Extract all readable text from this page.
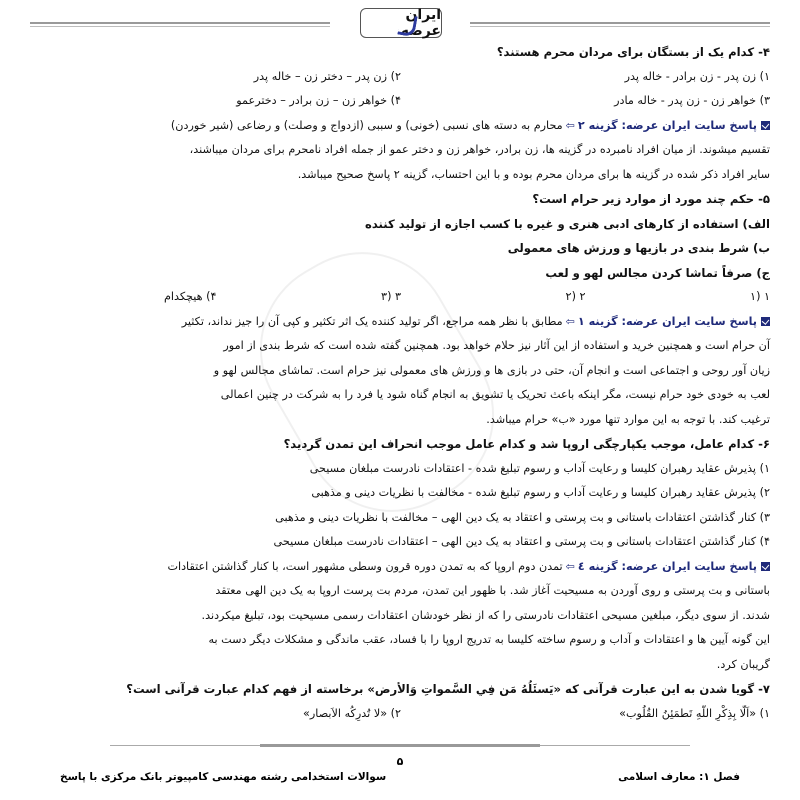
ایران عرضه
۴- کدام یک از بستگان برای مردان محرم هستند؟
۱) زن پدر - زن برادر - خاله پدر
۲) زن پدر – دختر زن – خاله پدر
۳) خواهر زن - زن پدر - خاله مادر
۴) خواهر زن – زن برادر – دخترعمو
پاسخ سایت ایران عرضه: گزینه ۲⇦محارم به دسته های نسبی (خونی) و سببی (ازدواج و وصلت) و رضاعی (شیر خوردن)
تقسیم میشوند. از میان افراد نامبرده در گزینه ها، زن برادر، خواهر زن و دختر عمو از جمله افراد نامحرم برای مردان میباشند،
سایر افراد ذکر شده در گزینه ها برای مردان محرم بوده و با این احتساب، گزینه ۲ پاسخ صحیح میباشد.
۵- حکم چند مورد از موارد زیر حرام است؟
الف) استفاده از کارهای ادبی هنری و غیره با کسب اجازه از تولید کننده
ب) شرط بندی در بازیها و ورزش های معمولی
ج) صرفاً تماشا کردن مجالس لهو و لعب
۱ (۱
۲ (۲
۳ (۳
۴) هیچکدام
پاسخ سایت ایران عرضه: گزینه ۱⇦مطابق با نظر همه مراجع، اگر تولید کننده یک اثر تکثیر و کپی آن را جیز نداند، تکثیر
آن حرام است و همچنین خرید و استفاده از این آثار نیز حلام خواهد بود. همچنین گفته شده است که شرط بندی از امور
زیان آور روحی و اجتماعی است و انجام آن، حتی در بازی ها و ورزش های معمولی نیز حرام است. تماشای مجالس لهو و
لعب به خودی خود حرام نیست، مگر اینکه باعث تحریک یا تشویق به انجام گناه شود یا فرد را به شرکت در چنین اعمالی
ترغیب کند. با توجه به این موارد تنها مورد «ب» حرام میباشد.
۶- کدام عامل، موجب یکپارچگی اروپا شد و کدام عامل موجب انحراف این تمدن گردید؟
۱) پذیرش عقاید رهبران کلیسا و رعایت آداب و رسوم تبلیغ شده - اعتقادات نادرست مبلغان مسیحی
۲) پذیرش عقاید رهبران کلیسا و رعایت آداب و رسوم تبلیغ شده - مخالفت با نظریات دینی و مذهبی
۳) کنار گذاشتن اعتقادات باستانی و بت پرستی و اعتقاد به یک دین الهی – مخالفت با نظریات دینی و مذهبی
۴) کنار گذاشتن اعتقادات باستانی و بت پرستی و اعتقاد به یک دین الهی – اعتقادات نادرست مبلغان مسیحی
پاسخ سایت ایران عرضه: گزینه ٤⇦تمدن دوم اروپا که به تمدن دوره قرون وسطی مشهور است، با کنار گذاشتن اعتقادات
باستانی و بت پرستی و روی آوردن به مسیحیت آغاز شد. با ظهور این تمدن، مردم بت پرست اروپا به یک دین الهی معتقد
شدند. از سوی دیگر، مبلغین مسیحی اعتقادات نادرستی را که از نظر خودشان اعتقادات رسمی مسیحیت بود، تبلیغ میکردند.
این گونه آیین ها و اعتقادات و آداب و رسوم ساخته کلیسا به تدریج اروپا را با فساد، عقب ماندگی و مشکلات دیگر دست به
گریبان کرد.
۷- گویا شدن به این عبارت قرآنی که «يَسئَلُهُ مَن فِي السَّمواتِ وَالأرض» برخاسته از فهم کدام عبارت قرآنی است؟
۱) «اَلّا بِذِكْرِ اللّهِ تَطمَئِنُ القُلُوب»
۲) «لا تُدرِكُه الاَبصار»
۵
فصل ۱: معارف اسلامی
سوالات استخدامی رشته مهندسی کامپیوتر بانک مرکزی با پاسخ
